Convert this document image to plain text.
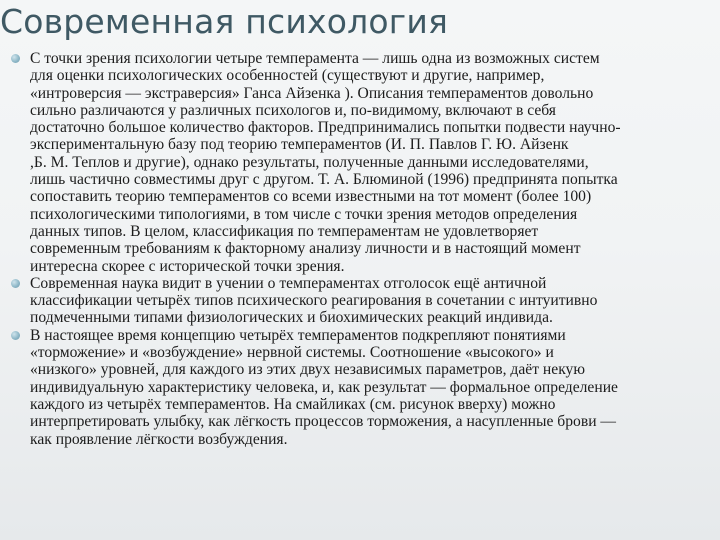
Современная психология
С точки зрения психологии четыре темперамента — лишь одна из возможных систем
для оценки психологических особенностей (существуют и другие, например,
«интроверсия — экстраверсия» Ганса Айзенка ). Описания темпераментов довольно
сильно различаются у различных психологов и, по-видимому, включают в себя
достаточно большое количество факторов. Предпринимались попытки подвести научно-
экспериментальную базу под теорию темпераментов (И. П. Павлов Г. Ю. Айзенк
,Б. М. Теплов и другие), однако результаты, полученные данными исследователями,
лишь частично совместимы друг с другом. Т. А. Блюминой (1996) предпринята попытка
сопоставить теорию темпераментов со всеми известными на тот момент (более 100)
психологическими типологиями, в том числе с точки зрения методов определения
данных типов. В целом, классификация по темпераментам не удовлетворяет
современным требованиям к факторному анализу личности и в настоящий момент
интересна скорее с исторической точки зрения.
Современная наука видит в учении о темпераментах отголосок ещё античной
классификации четырёх типов психического реагирования в сочетании с интуитивно
подмеченными типами физиологических и биохимических реакций индивида.
В настоящее время концепцию четырёх темпераментов подкрепляют понятиями
«торможение» и «возбуждение» нервной системы. Соотношение «высокого» и
«низкого» уровней, для каждого из этих двух независимых параметров, даёт некую
индивидуальную характеристику человека, и, как результат — формальное определение
каждого из четырёх темпераментов. На смайликах (см. рисунок вверху) можно
интерпретировать улыбку, как лёгкость процессов торможения, а насупленные брови —
как проявление лёгкости возбуждения.
